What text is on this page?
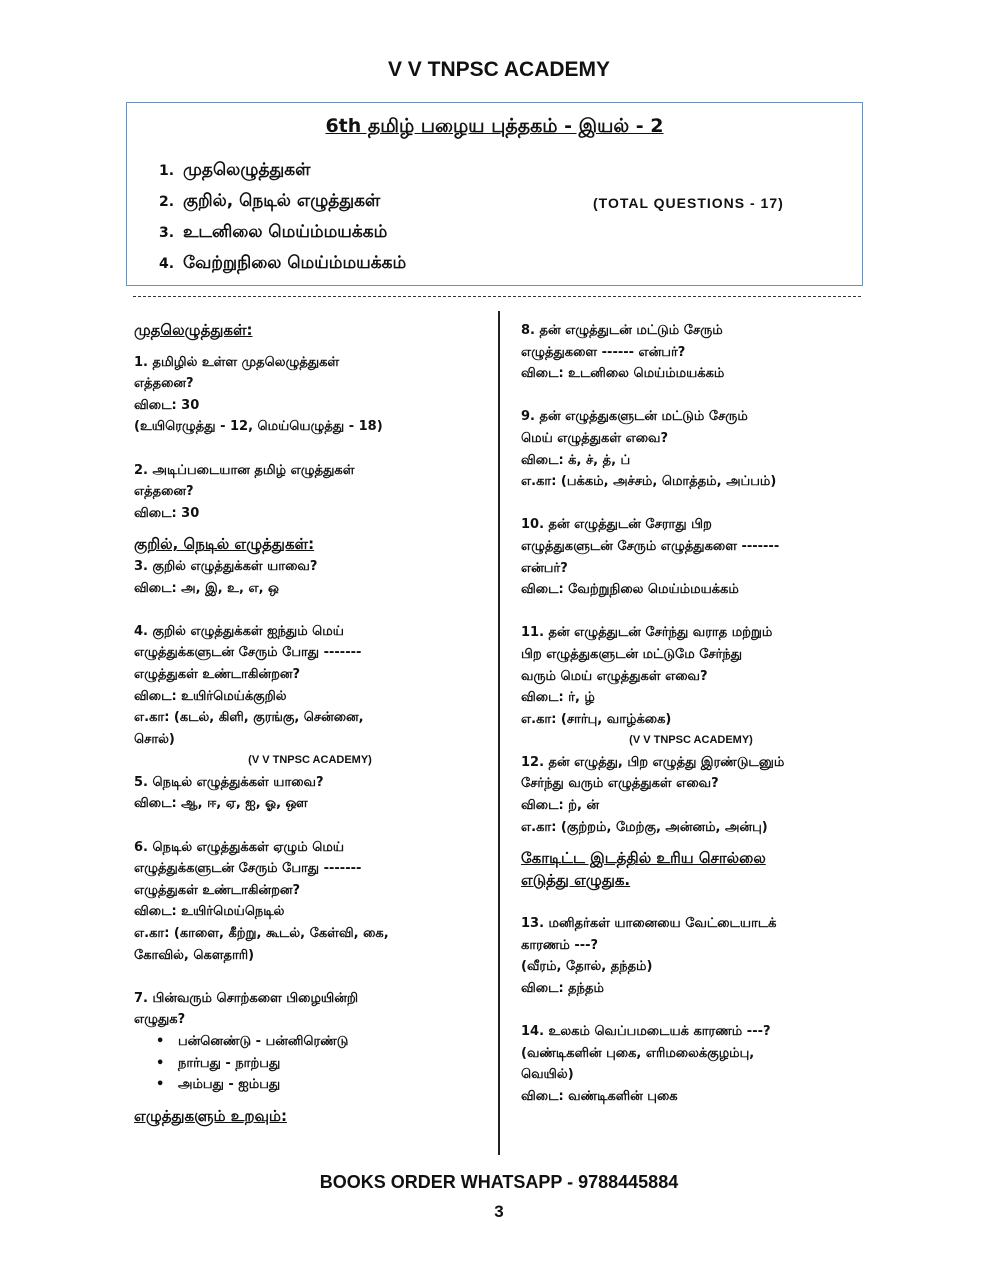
V V TNPSC ACADEMY
6th தமிழ் பழைய புத்தகம் - இயல் - 2
1. முதலெழுத்துகள்
2. குறில், நெடில் எழுத்துகள்
3. உடனிலை மெய்ம்மயக்கம்
4. வேற்றுநிலை மெய்ம்மயக்கம்
(TOTAL QUESTIONS - 17)

முதலெழுத்துகள்:

1. தமிழில் உள்ள முதலெழுத்துகள்

எத்தனை?

விடை: 30

(உயிரெழுத்து - 12, மெய்யெழுத்து - 18)

2. அடிப்படையான தமிழ் எழுத்துகள்

எத்தனை?

விடை: 30

குறில், நெடில் எழுத்துகள்:

3. குறில் எழுத்துக்கள் யாவை?

விடை: அ, இ, உ, எ, ஒ

4. குறில் எழுத்துக்கள் ஐந்தும் மெய்

எழுத்துக்களுடன் சேரும் போது -------

எழுத்துகள் உண்டாகின்றன?

விடை: உயிர்மெய்க்குறில்

எ.கா: (கடல், கிளி, குரங்கு, சென்னை,

சொல்)

(V V TNPSC ACADEMY)

5. நெடில் எழுத்துக்கள் யாவை?

விடை: ஆ, ஈ, ஏ, ஐ, ஓ, ஔ

6. நெடில் எழுத்துக்கள் ஏழும் மெய்

எழுத்துக்களுடன் சேரும் போது -------

எழுத்துகள் உண்டாகின்றன?

விடை: உயிர்மெய்நெடில்

எ.கா: (காளை, கீற்று, கூடல், கேள்வி, கை,

கோவில், கௌதாரி)

7. பின்வரும் சொற்களை பிழையின்றி

எழுதுக?

• பன்னெண்டு - பன்னிரெண்டு
• நார்பது - நாற்பது
• அம்பது - ஐம்பது

எழுத்துகளும் உறவும்:

8. தன் எழுத்துடன் மட்டும் சேரும்

எழுத்துகளை ------ என்பர்?

விடை: உடனிலை மெய்ம்மயக்கம்

9. தன் எழுத்துகளுடன் மட்டும் சேரும்

மெய் எழுத்துகள் எவை?

விடை: க், ச், த், ப்

எ.கா: (பக்கம், அச்சம், மொத்தம், அப்பம்)

10. தன் எழுத்துடன் சேராது பிற

எழுத்துகளுடன் சேரும் எழுத்துகளை -------

என்பர்?

விடை: வேற்றுநிலை மெய்ம்மயக்கம்

11. தன் எழுத்துடன் சேர்ந்து வராத மற்றும்

பிற எழுத்துகளுடன் மட்டுமே சேர்ந்து

வரும் மெய் எழுத்துகள் எவை?

விடை: ர், ழ்

எ.கா: (சார்பு, வாழ்க்கை)

(V V TNPSC ACADEMY)

12. தன் எழுத்து, பிற எழுத்து இரண்டுடனும்

சேர்ந்து வரும் எழுத்துகள் எவை?

விடை: ற், ன்

எ.கா: (குற்றம், மேற்கு, அன்னம், அன்பு)

கோடிட்ட இடத்தில் உரிய சொல்லை

எடுத்து எழுதுக.

13. மனிதர்கள் யானையை வேட்டையாடக்

காரணம் ---?

(வீரம், தோல், தந்தம்)

விடை: தந்தம்

14. உலகம் வெப்பமடையக் காரணம் ---?

(வண்டிகளின் புகை, எரிமலைக்குழம்பு,

வெயில்)

விடை: வண்டிகளின் புகை

BOOKS ORDER WHATSAPP - 9788445884
3
